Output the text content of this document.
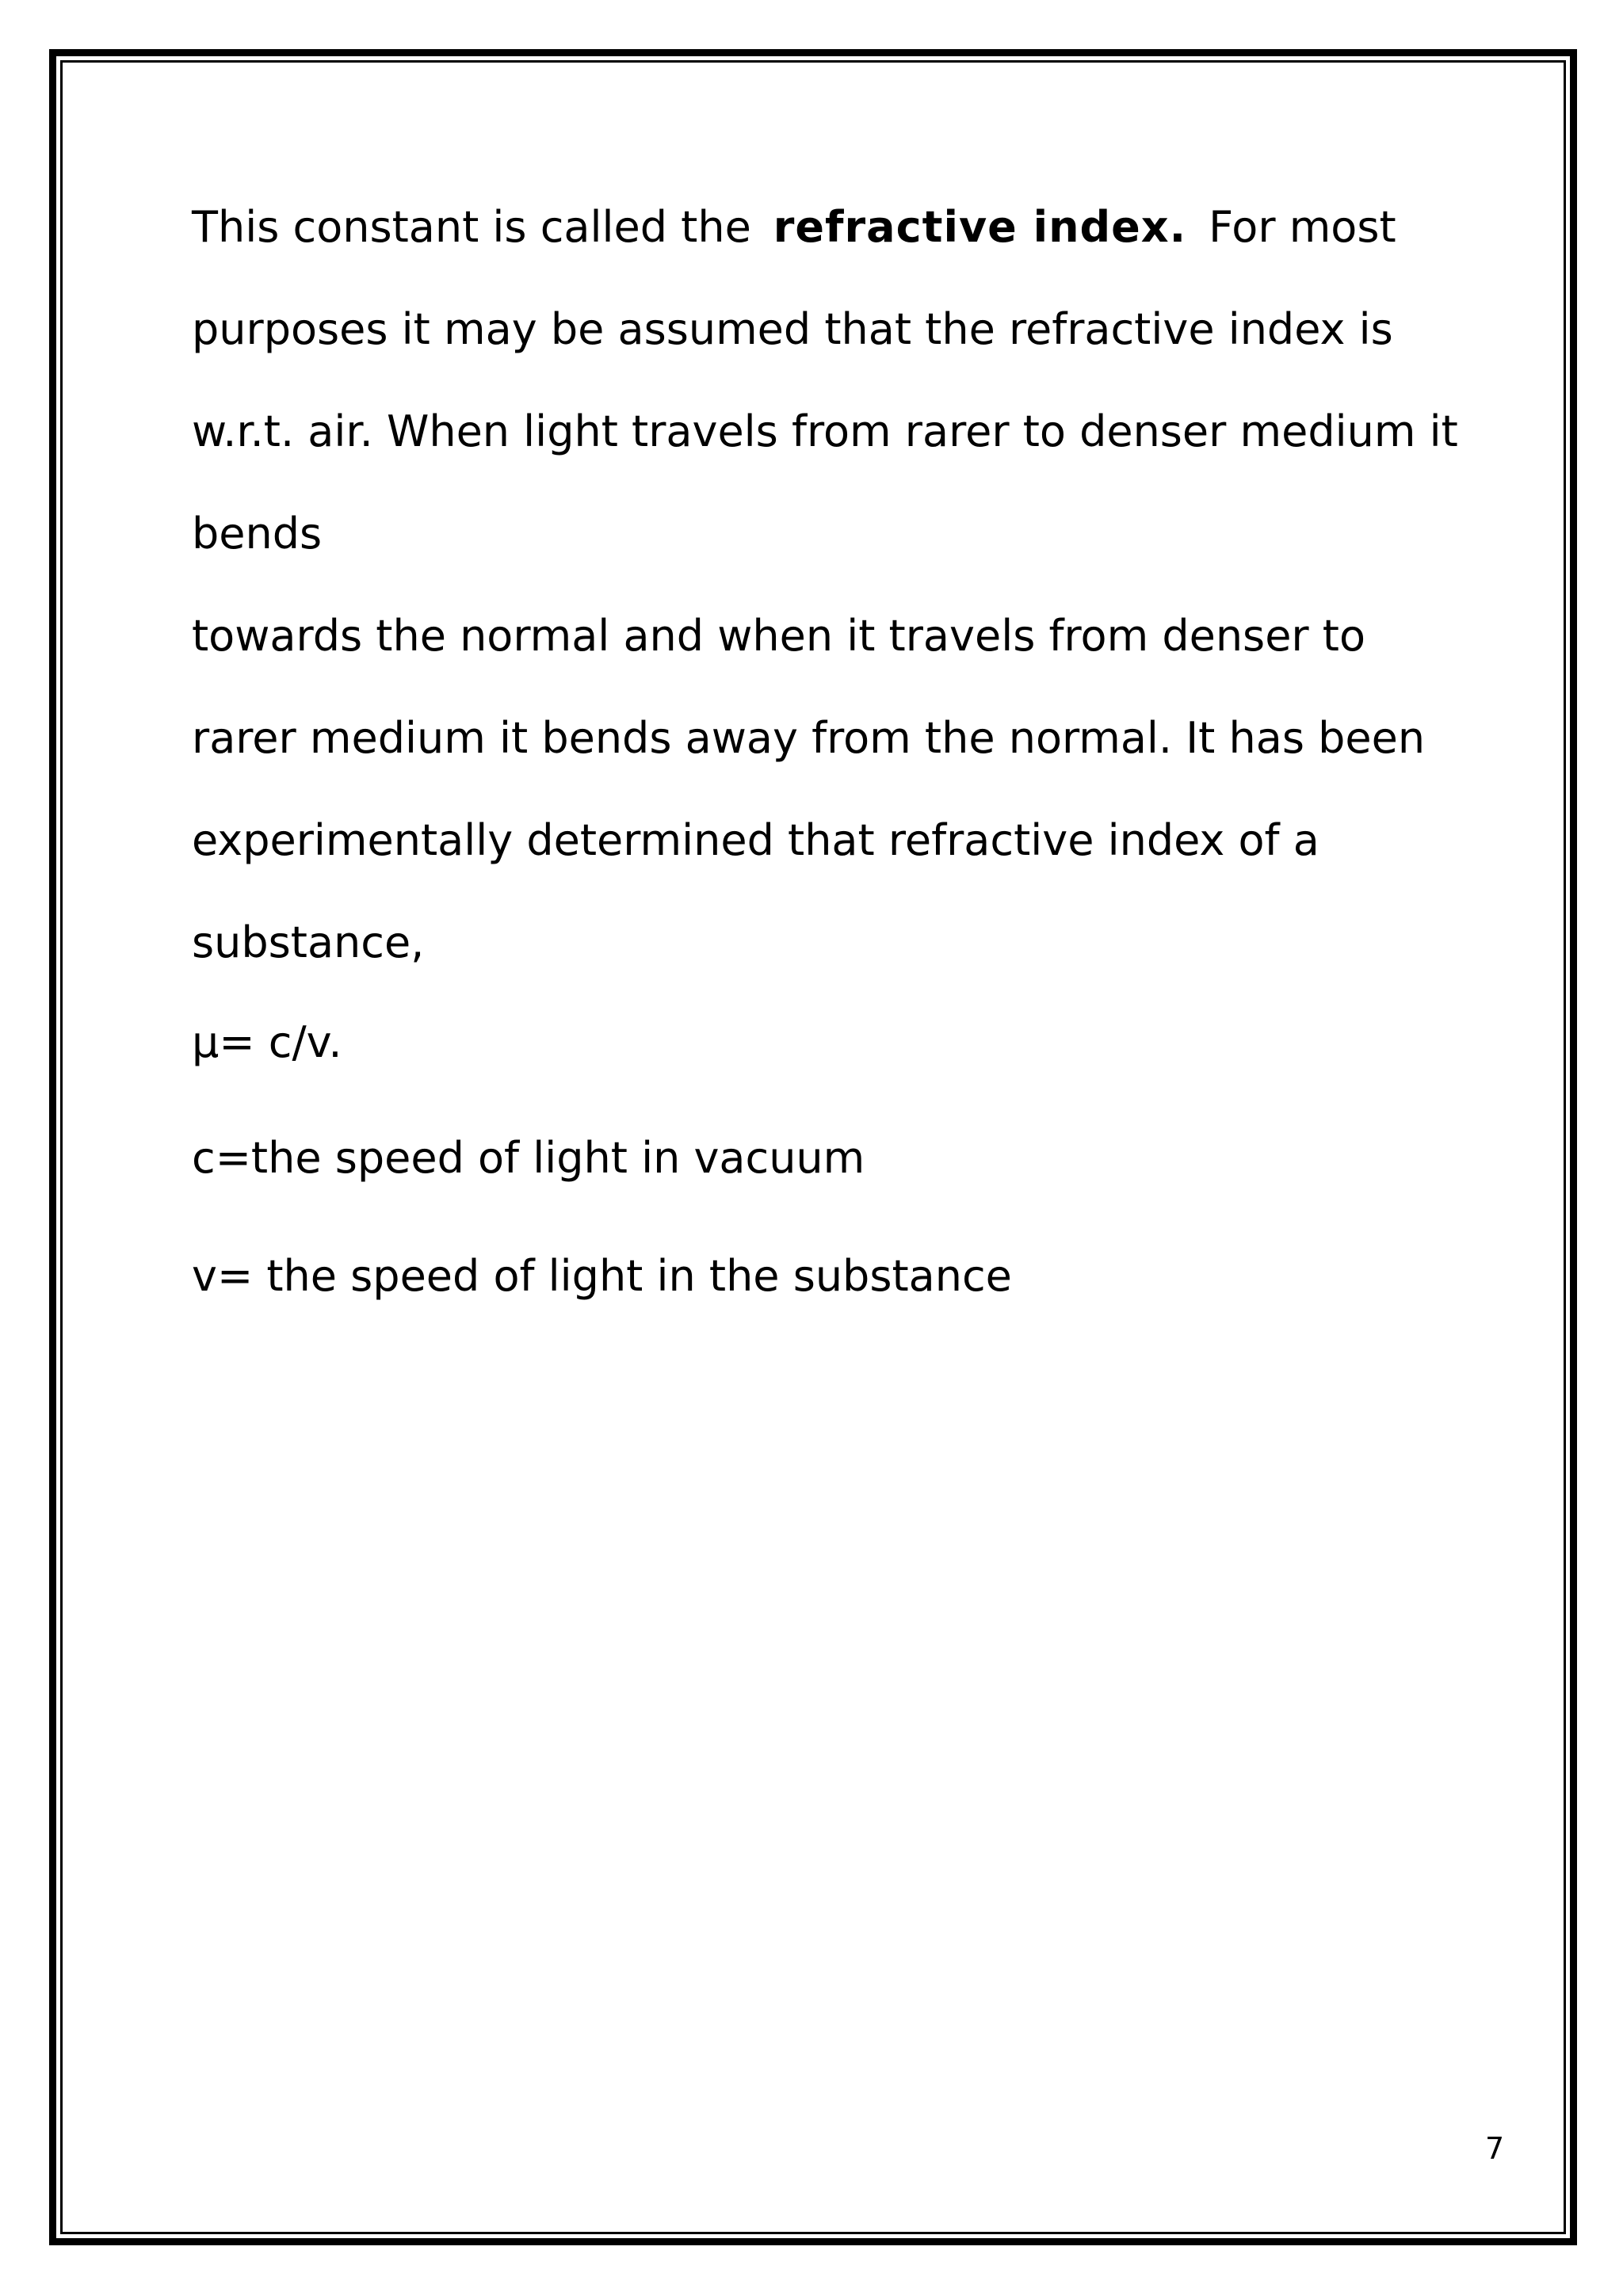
This constant is called the refractive index. For most
purposes it may be assumed that the refractive index is
w.r.t. air. When light travels from rarer to denser medium it
bends
towards the normal and when it travels from denser to
rarer medium it bends away from the normal. It has been
experimentally determined that refractive index of a
substance,
μ= c/v.
c=the speed of light in vacuum
v= the speed of light in the substance
7
